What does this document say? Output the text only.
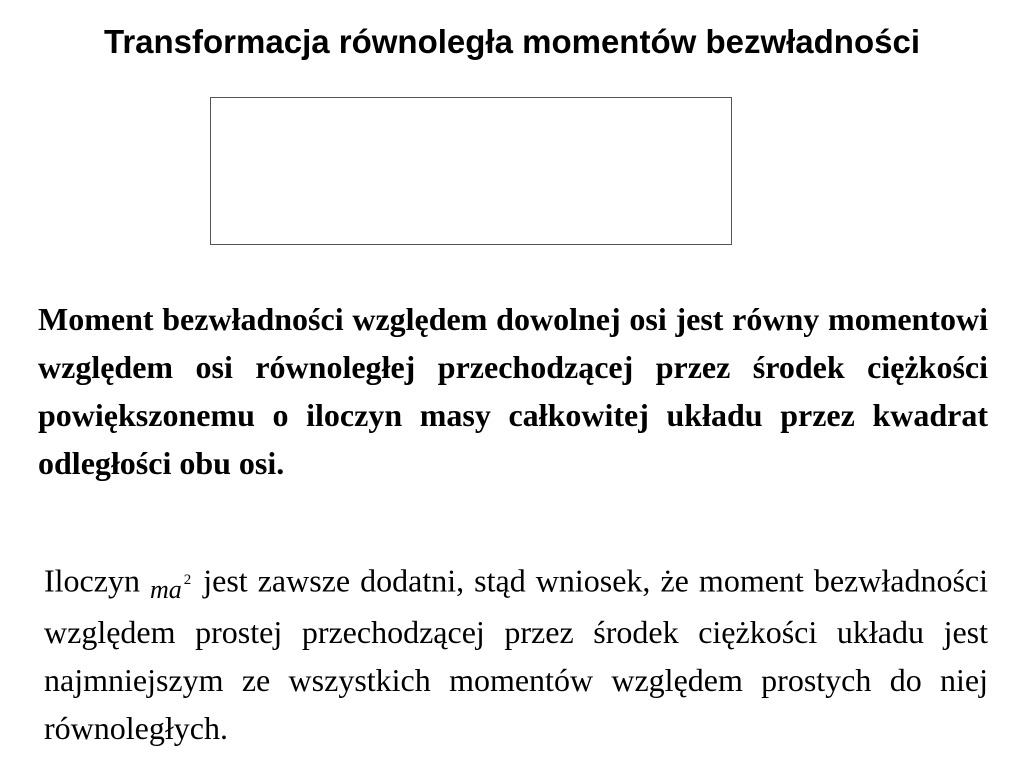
Transformacja równoległa momentów bezwładności

Moment bezwładności względem dowolnej osi jest równy momentowi względem osi równoległej przechodzącej przez środek ciężkości powiększonemu o iloczyn masy całkowitej układu przez kwadrat odległości obu osi.

Iloczyn ma $^2$ jest zawsze dodatni, stąd wniosek, że moment bezwładności względem prostej przechodzącej przez środek ciężkości układu jest najmniejszym ze wszystkich momentów względem prostych do niej równoległych.
